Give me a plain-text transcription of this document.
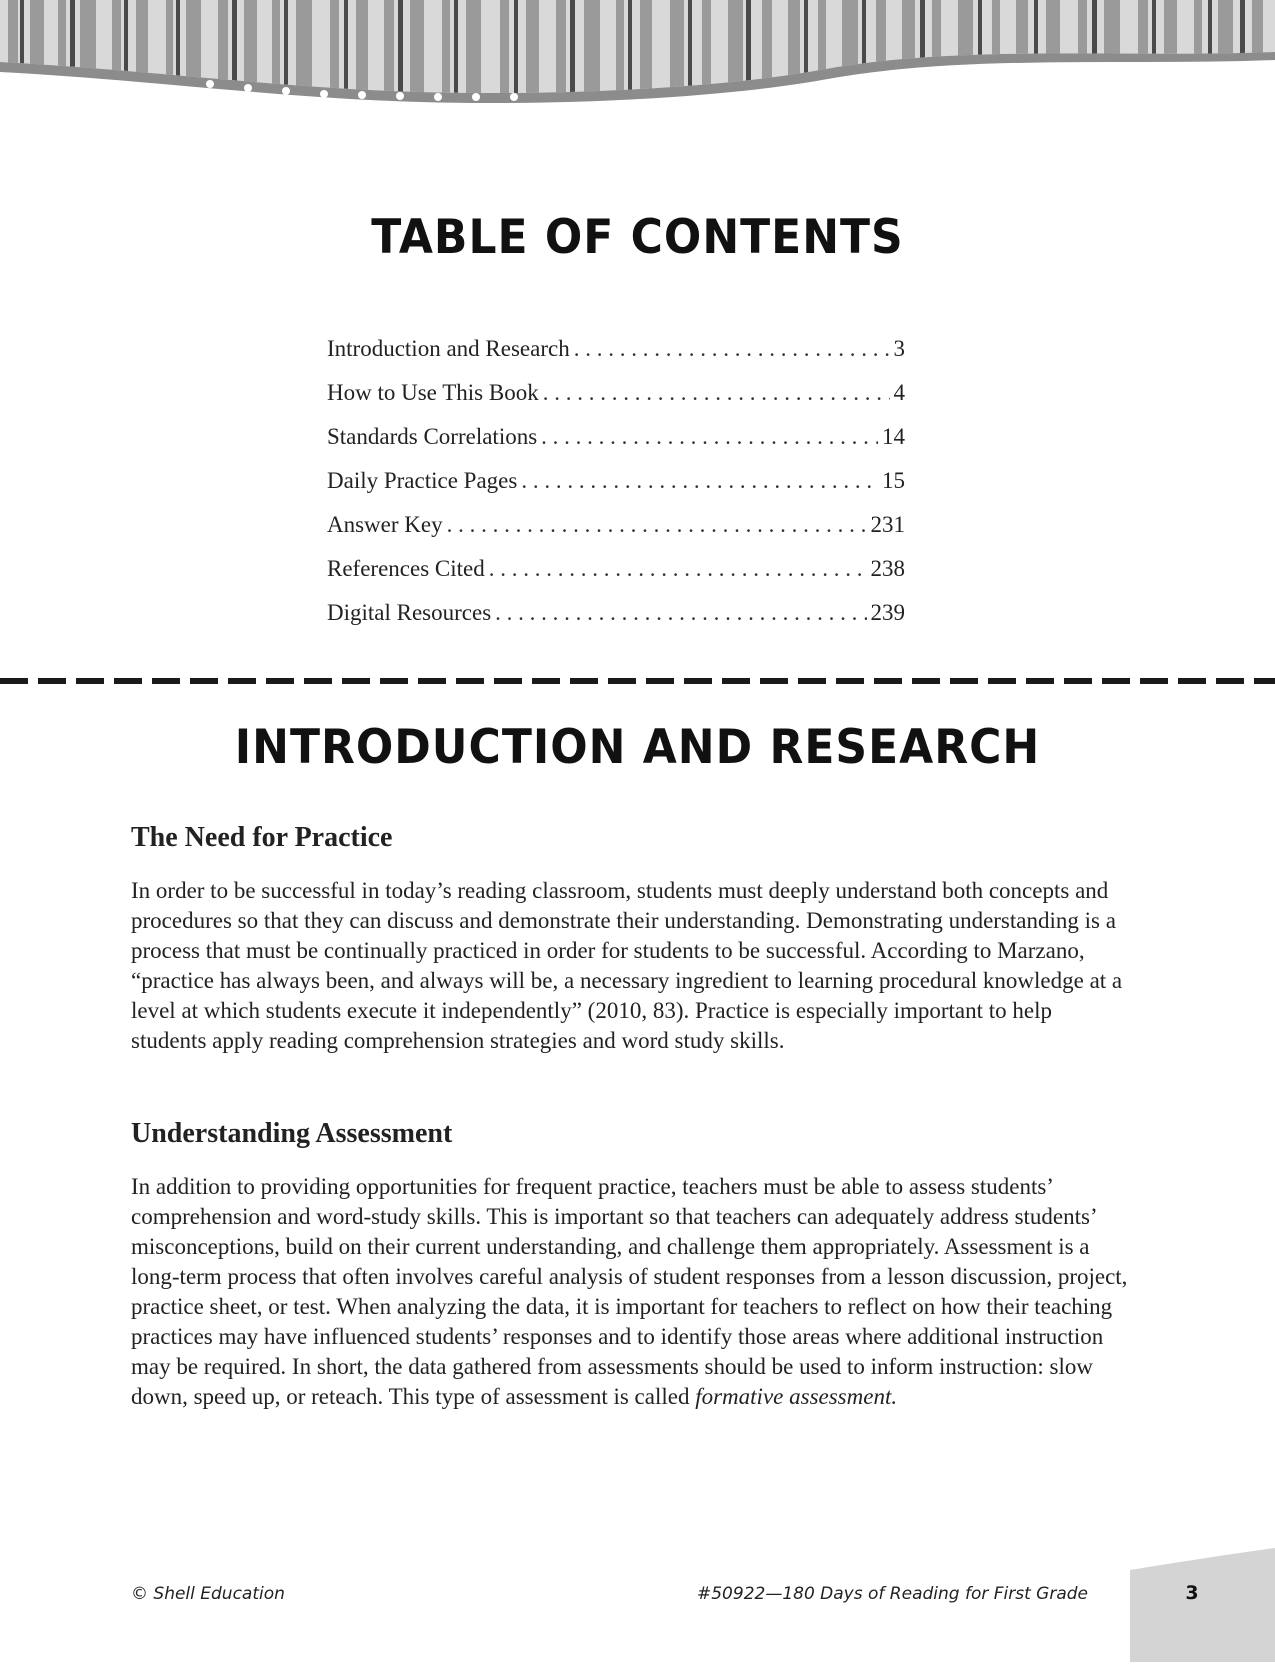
TABLE OF CONTENTS
Introduction and Research . . .	3
How to Use This Book . . .	4
Standards Correlations . . .	14
Daily Practice Pages . . .	15
Answer Key . . .	231
References Cited . . .	238
Digital Resources . . .	239
INTRODUCTION AND RESEARCH
The Need for Practice

In order to be successful in today’s reading classroom, students must deeply understand both concepts and procedures so that they can discuss and demonstrate their understanding. Demonstrating understanding is a process that must be continually practiced in order for students to be successful. According to Marzano, “practice has always been, and always will be, a necessary ingredient to learning procedural knowledge at a level at which students execute it independently” (2010, 83). Practice is especially important to help students apply reading comprehension strategies and word study skills.

Understanding Assessment

In addition to providing opportunities for frequent practice, teachers must be able to assess students’ comprehension and word-study skills. This is important so that teachers can adequately address students’ misconceptions, build on their current understanding, and challenge them appropriately. Assessment is a long-term process that often involves careful analysis of student responses from a lesson discussion, project, practice sheet, or test. When analyzing the data, it is important for teachers to reflect on how their teaching practices may have influenced students’ responses and to identify those areas where additional instruction may be required. In short, the data gathered from assessments should be used to inform instruction: slow down, speed up, or reteach. This type of assessment is called formative assessment.

© Shell Education	#50922—180 Days of Reading for First Grade	3
